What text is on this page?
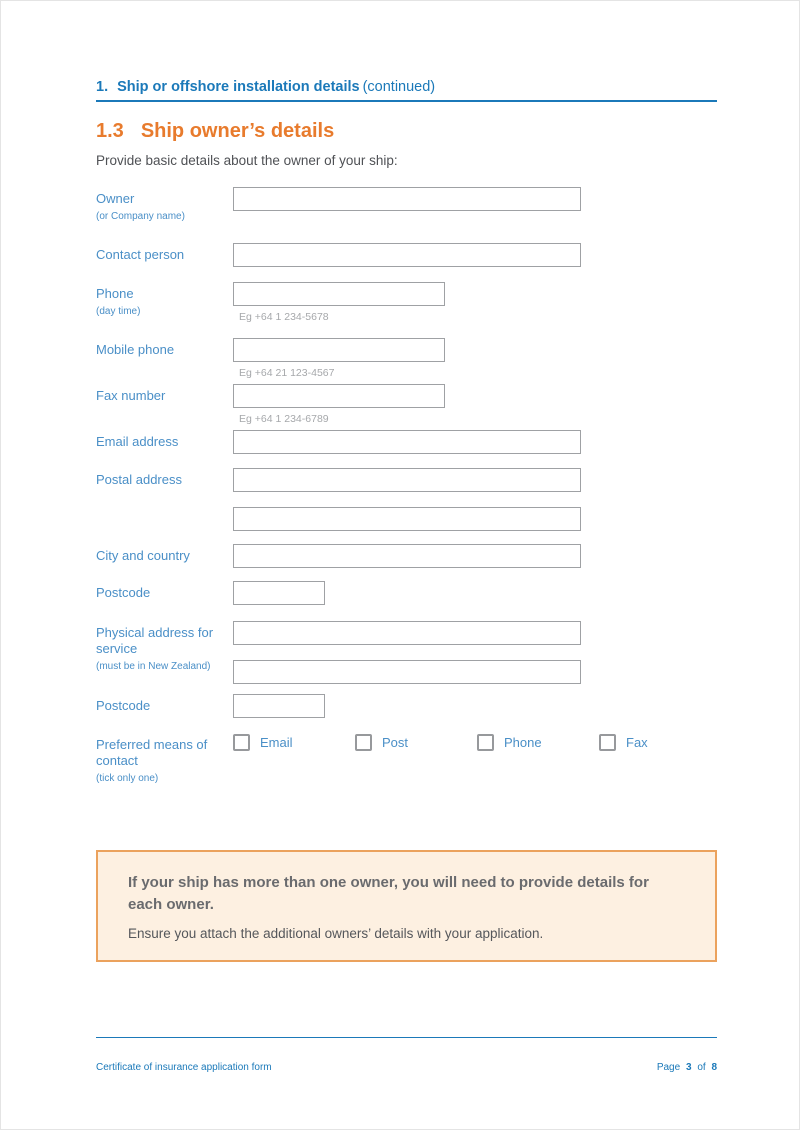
1. Ship or offshore installation details (continued)
1.3 Ship owner’s details

Provide basic details about the owner of your ship:

Owner
(or Company name)
Contact person
Phone
(day time)	Eg +64 1 234-5678
Mobile phone
Eg +64 21 123-4567
Fax number
Eg +64 1 234-6789
Email address
Postal address
City and country
Postcode
Physical address for service
(must be in New Zealand)
Postcode
Preferred means of contact
(tick only one)
Email	Post	Phone	Fax

If your ship has more than one owner, you will need to provide details for each owner.

Ensure you attach the additional owners’ details with your application.

Certificate of insurance application form	Page 3 of 8
